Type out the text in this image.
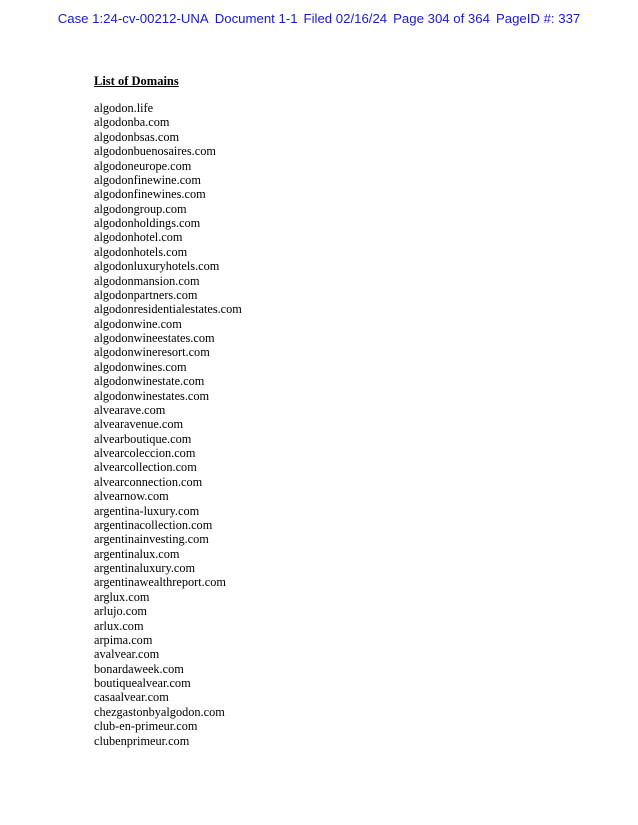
Case 1:24-cv-00212-UNA Document 1-1 Filed 02/16/24 Page 304 of 364 PageID #: 337
List of Domains
algodon.life
algodonba.com
algodonbsas.com
algodonbuenosaires.com
algodoneurope.com
algodonfinewine.com
algodonfinewines.com
algodongroup.com
algodonholdings.com
algodonhotel.com
algodonhotels.com
algodonluxuryhotels.com
algodonmansion.com
algodonpartners.com
algodonresidentialestates.com
algodonwine.com
algodonwineestates.com
algodonwineresort.com
algodonwines.com
algodonwinestate.com
algodonwinestates.com
alvearave.com
alvearavenue.com
alvearboutique.com
alvearcoleccion.com
alvearcollection.com
alvearconnection.com
alvearnow.com
argentina-luxury.com
argentinacollection.com
argentinainvesting.com
argentinalux.com
argentinaluxury.com
argentinawealthreport.com
arglux.com
arlujo.com
arlux.com
arpima.com
avalvear.com
bonardaweek.com
boutiquealvear.com
casaalvear.com
chezgastonbyalgodon.com
club-en-primeur.com
clubenprimeur.com
